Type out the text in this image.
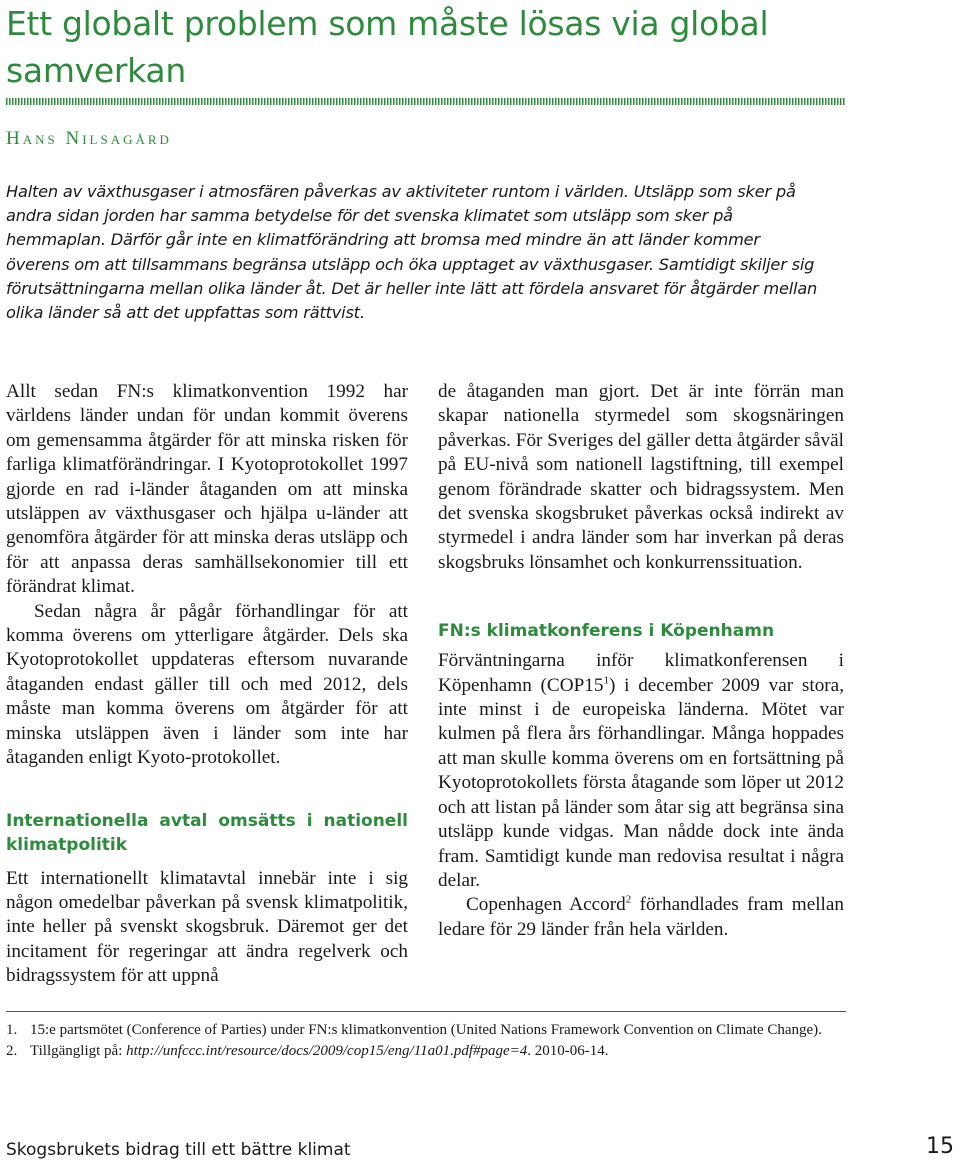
Ett globalt problem som måste lösas via global samverkan
Hans Nilsagård

Halten av växthusgaser i atmosfären påverkas av aktiviteter runtom i världen. Utsläpp som sker på andra sidan jorden har samma betydelse för det svenska klimatet som utsläpp som sker på hemmaplan. Därför går inte en klimatförändring att bromsa med mindre än att länder kommer överens om att tillsammans begränsa utsläpp och öka upptaget av växthusgaser. Samtidigt skiljer sig förutsättningarna mellan olika länder åt. Det är heller inte lätt att fördela ansvaret för åtgärder mellan olika länder så att det uppfattas som rättvist.

Allt sedan FN:s klimatkonvention 1992 har världens länder undan för undan kommit överens om gemensamma åtgärder för att minska risken för farliga klimatförändringar. I Kyotoprotokollet 1997 gjorde en rad i-länder åtaganden om att minska utsläppen av växthusgaser och hjälpa u-länder att genomföra åtgärder för att minska deras utsläpp och för att anpassa deras samhällsekonomier till ett förändrat klimat.

Sedan några år pågår förhandlingar för att komma överens om ytterligare åtgärder. Dels ska Kyotoprotokollet uppdateras eftersom nuvarande åtaganden endast gäller till och med 2012, dels måste man komma överens om åtgärder för att minska utsläppen även i länder som inte har åtaganden enligt Kyoto-protokollet.

Internationella avtal omsätts i nationell klimatpolitik

Ett internationellt klimatavtal innebär inte i sig någon omedelbar påverkan på svensk klimatpolitik, inte heller på svenskt skogsbruk. Däremot ger det incitament för regeringar att ändra regelverk och bidragssystem för att uppnå

de åtaganden man gjort. Det är inte förrän man skapar nationella styrmedel som skogsnäringen påverkas. För Sveriges del gäller detta åtgärder såväl på EU-nivå som nationell lagstiftning, till exempel genom förändrade skatter och bidragssystem. Men det svenska skogsbruket påverkas också indirekt av styrmedel i andra länder som har inverkan på deras skogsbruks lönsamhet och konkurrenssituation.

FN:s klimatkonferens i Köpenhamn

Förväntningarna inför klimatkonferensen i Köpenhamn $(COP15^1)$ i december 2009 var stora, inte minst i de europeiska länderna. Mötet var kulmen på flera års förhandlingar. Många hoppades att man skulle komma överens om en fortsättning på Kyotoprotokollets första åtagande som löper ut 2012 och att listan på länder som åtar sig att begränsa sina utsläpp kunde vidgas. Man nådde dock inte ända fram. Samtidigt kunde man redovisa resultat i några delar.

Copenhagen Accord$^2$ förhandlades fram mellan ledare för 29 länder från hela världen.

1. 15:e partsmötet (Conference of Parties) under FN:s klimatkonvention (United Nations Framework Convention on Climate Change).
2. Tillgängligt på: http://unfccc.int/resource/docs/2009/cop15/eng/11a01.pdf#page=4. 2010-06-14.
Skogsbrukets bidrag till ett bättre klimat	15
